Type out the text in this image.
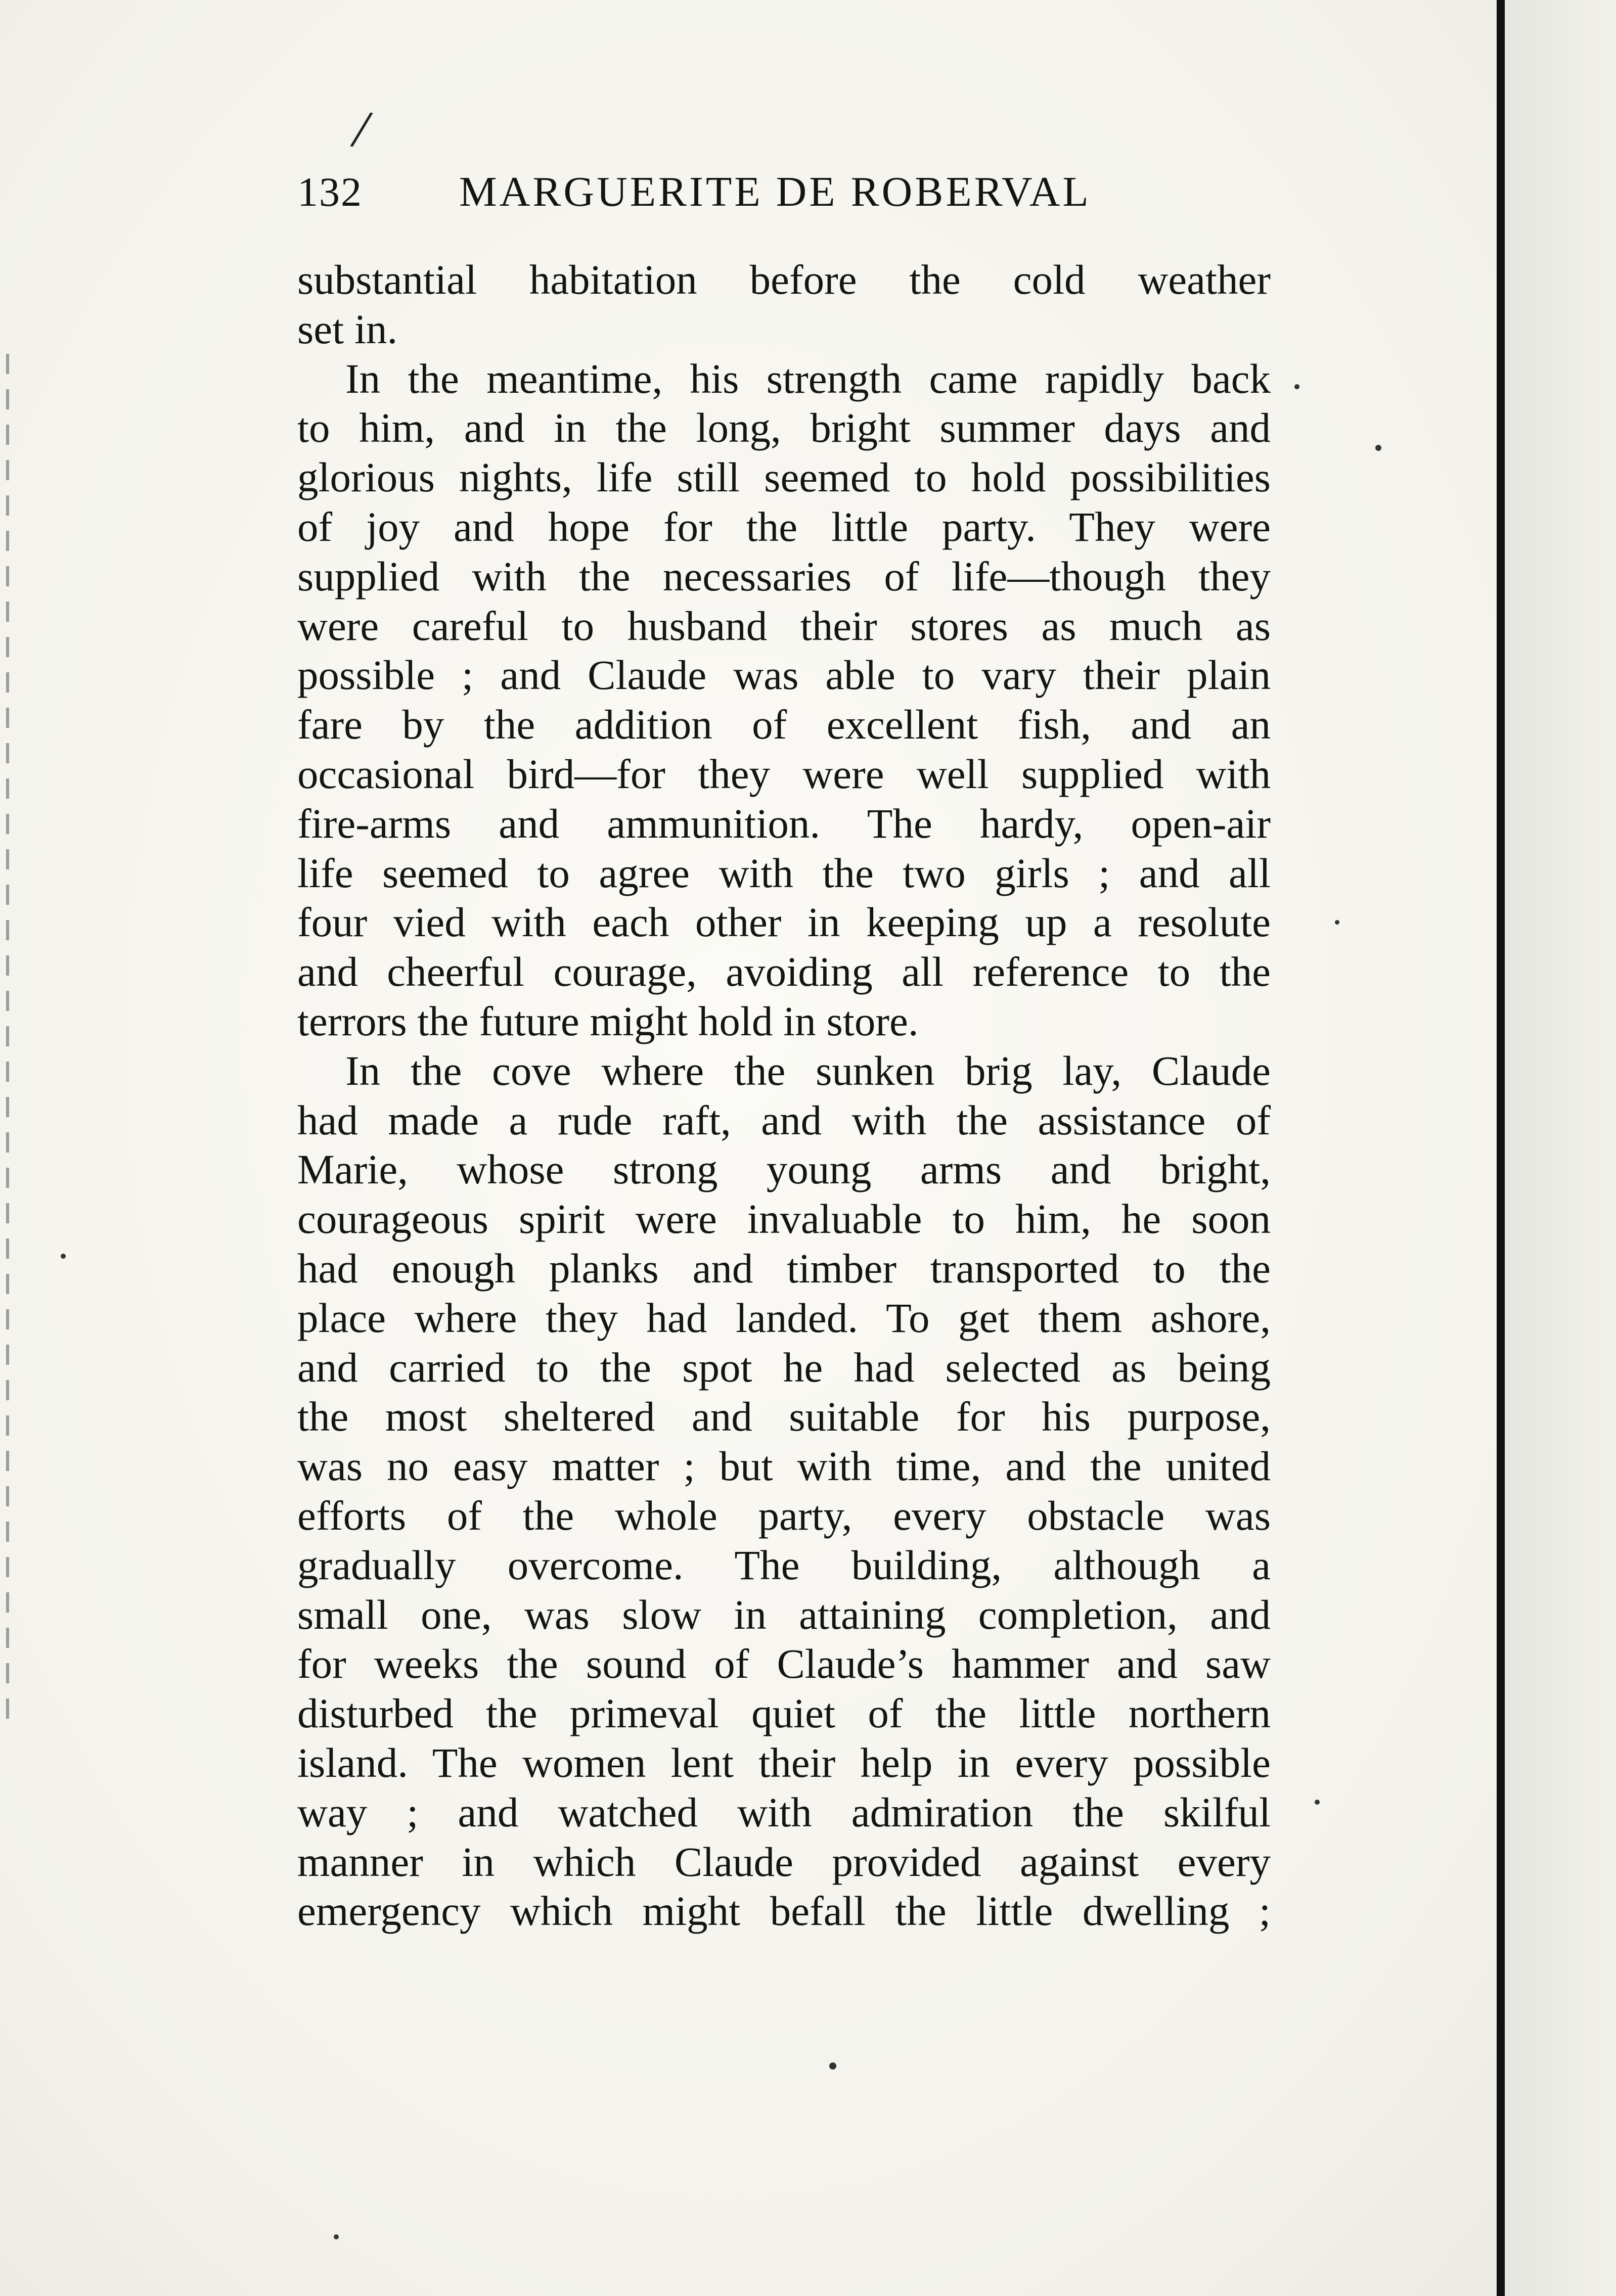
/
132 MARGUERITE DE ROBERVAL
substantial habitation before the cold weather
set in.
In the meantime, his strength came rapidly back
to him, and in the long, bright summer days and
glorious nights, life still seemed to hold possibilities
of joy and hope for the little party. They were
supplied with the necessaries of life—though they
were careful to husband their stores as much as
possible ; and Claude was able to vary their plain
fare by the addition of excellent fish, and an
occasional bird—for they were well supplied with
fire-arms and ammunition. The hardy, open-air
life seemed to agree with the two girls ; and all
four vied with each other in keeping up a resolute
and cheerful courage, avoiding all reference to the
terrors the future might hold in store.
In the cove where the sunken brig lay, Claude
had made a rude raft, and with the assistance of
Marie, whose strong young arms and bright,
courageous spirit were invaluable to him, he soon
had enough planks and timber transported to the
place where they had landed. To get them ashore,
and carried to the spot he had selected as being
the most sheltered and suitable for his purpose,
was no easy matter ; but with time, and the united
efforts of the whole party, every obstacle was
gradually overcome. The building, although a
small one, was slow in attaining completion, and
for weeks the sound of Claude’s hammer and saw
disturbed the primeval quiet of the little northern
island. The women lent their help in every possible
way ; and watched with admiration the skilful
manner in which Claude provided against every
emergency which might befall the little dwelling ;
